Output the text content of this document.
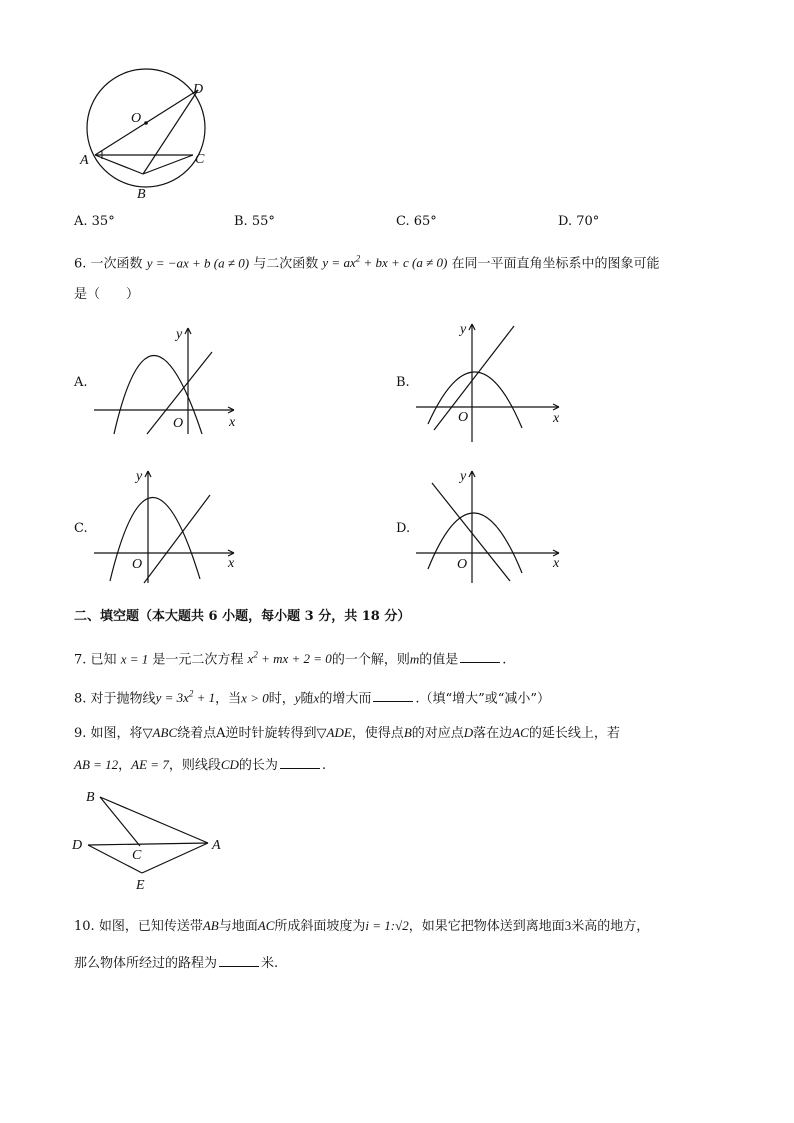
D
O
A	C
B
A. 35°	B. 55°	C. 65°	D. 70°
6. 一次函数 y = −ax + b (a ≠ 0) 与二次函数 $y = ax^2$ + bx + c (a ≠ 0) 在同一平面直角坐标系中的图象可能
是（　　）
A.
y
O	x
B.
y
O	x
C.
y
O	x
D.
y
O	x
二、填空题（本大题共 6 小题，每小题 3 分，共 18 分）
7. 已知 x = 1 是一元二次方程 $x^2$ + mx + 2 = 0的一个解，则m的值是	.
8. 对于抛物线$y = 3x^2 + 1$，当x > 0时，y随x的增大而	.（填“增大”或“减小”）
9. 如图，将▽ABC绕着点A逆时针旋转得到▽ADE，使得点B的对应点D落在边AC的延长线上，若
AB = 12，AE = 7，则线段CD的长为	.
B
D
C
A
E
10. 如图，已知传送带AB与地面AC所成斜面坡度为i = 1:√2，如果它把物体送到离地面3米高的地方，
那么物体所经过的路程为	米.
